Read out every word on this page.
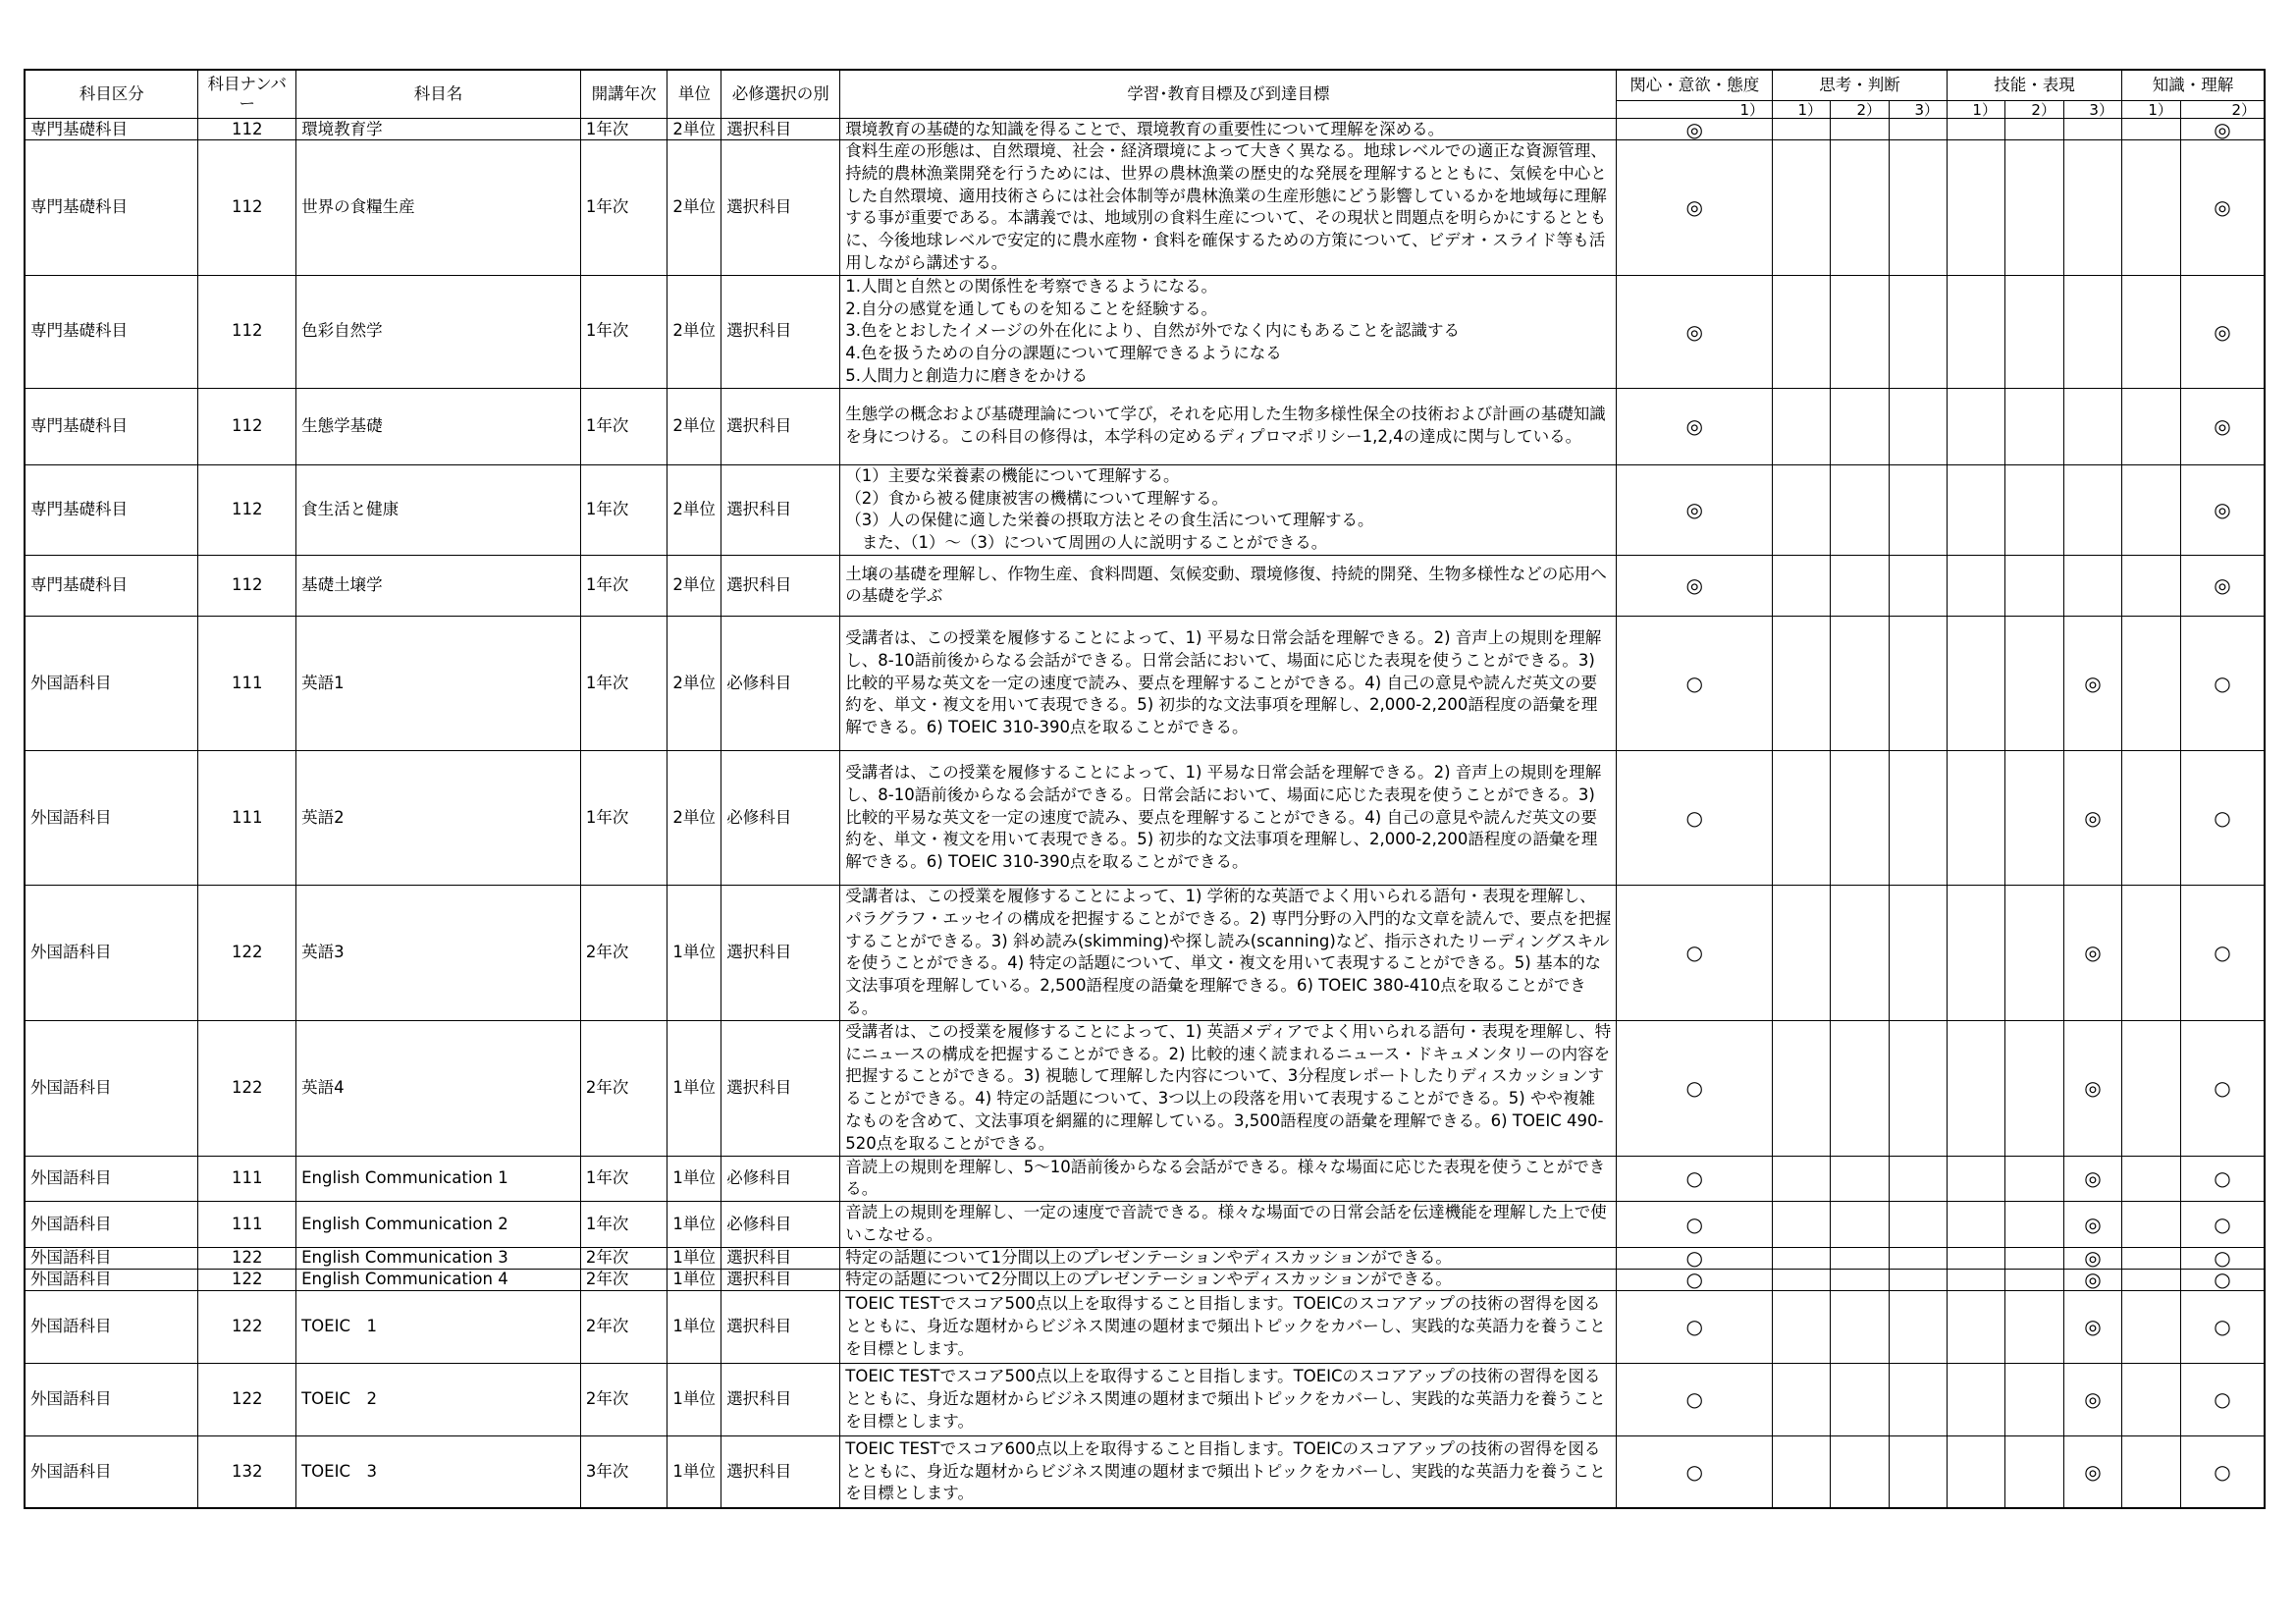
科目区分	科目ナンバー	科目名	開講年次	単位	必修選択の別	学習･教育目標及び到達目標	関心・意欲・態度	思考・判断			技能・表現			知識・理解	
							1）	1）	2）	3）	1）	2）	3）	1）	2）
専門基礎科目	112	環境教育学	1年次	2単位	選択科目	環境教育の基礎的な知識を得ることで、環境教育の重要性について理解を深める。	◎								◎
専門基礎科目	112	世界の食糧生産	1年次	2単位	選択科目	食料生産の形態は、自然環境、社会・経済環境によって大きく異なる。地球レベルでの適正な資源管理、持続的農林漁業開発を行うためには、世界の農林漁業の歴史的な発展を理解するとともに、気候を中心とした自然環境、適用技術さらには社会体制等が農林漁業の生産形態にどう影響しているかを地域毎に理解する事が重要である。本講義では、地域別の食料生産について、その現状と問題点を明らかにするとともに、今後地球レベルで安定的に農水産物・食料を確保するための方策について、ビデオ・スライド等も活用しながら講述する。	◎								◎
専門基礎科目	112	色彩自然学	1年次	2単位	選択科目	1.人間と自然との関係性を考察できるようになる。
2.自分の感覚を通してものを知ることを経験する。
3.色をとおしたイメージの外在化により、自然が外でなく内にもあることを認識する
4.色を扱うための自分の課題について理解できるようになる
5.人間力と創造力に磨きをかける	◎								◎
専門基礎科目	112	生態学基礎	1年次	2単位	選択科目	生態学の概念および基礎理論について学び，それを応用した生物多様性保全の技術および計画の基礎知識を身につける。この科目の修得は，本学科の定めるディプロマポリシー1,2,4の達成に関与している。	◎								◎
専門基礎科目	112	食生活と健康	1年次	2単位	選択科目	（1）主要な栄養素の機能について理解する。
（2）食から被る健康被害の機構について理解する。
（3）人の保健に適した栄養の摂取方法とその食生活について理解する。
　また、（1）～（3）について周囲の人に説明することができる。	◎								◎
専門基礎科目	112	基礎土壌学	1年次	2単位	選択科目	土壌の基礎を理解し、作物生産、食料問題、気候変動、環境修復、持続的開発、生物多様性などの応用への基礎を学ぶ	◎								◎
外国語科目	111	英語1	1年次	2単位	必修科目	受講者は、この授業を履修することによって、1) 平易な日常会話を理解できる。2) 音声上の規則を理解し、8-10語前後からなる会話ができる。日常会話において、場面に応じた表現を使うことができる。3) 比較的平易な英文を一定の速度で読み、要点を理解することができる。4) 自己の意見や読んだ英文の要約を、単文・複文を用いて表現できる。5) 初歩的な文法事項を理解し、2,000-2,200語程度の語彙を理解できる。6) TOEIC 310-390点を取ることができる。	○						◎		○
外国語科目	111	英語2	1年次	2単位	必修科目	受講者は、この授業を履修することによって、1) 平易な日常会話を理解できる。2) 音声上の規則を理解し、8-10語前後からなる会話ができる。日常会話において、場面に応じた表現を使うことができる。3) 比較的平易な英文を一定の速度で読み、要点を理解することができる。4) 自己の意見や読んだ英文の要約を、単文・複文を用いて表現できる。5) 初歩的な文法事項を理解し、2,000-2,200語程度の語彙を理解できる。6) TOEIC 310-390点を取ることができる。	○						◎		○
外国語科目	122	英語3	2年次	1単位	選択科目	受講者は、この授業を履修することによって、1) 学術的な英語でよく用いられる語句・表現を理解し、パラグラフ・エッセイの構成を把握することができる。2) 専門分野の入門的な文章を読んで、要点を把握することができる。3) 斜め読み(skimming)や探し読み(scanning)など、指示されたリーディングスキルを使うことができる。4) 特定の話題について、単文・複文を用いて表現することができる。5) 基本的な文法事項を理解している。2,500語程度の語彙を理解できる。6) TOEIC 380-410点を取ることができる。	○						◎		○
外国語科目	122	英語4	2年次	1単位	選択科目	受講者は、この授業を履修することによって、1) 英語メディアでよく用いられる語句・表現を理解し、特にニュースの構成を把握することができる。2) 比較的速く読まれるニュース・ドキュメンタリーの内容を把握することができる。3) 視聴して理解した内容について、3分程度レポートしたりディスカッションすることができる。4) 特定の話題について、3つ以上の段落を用いて表現することができる。5) やや複雑なものを含めて、文法事項を網羅的に理解している。3,500語程度の語彙を理解できる。6) TOEIC 490-520点を取ることができる。	○						◎		○
外国語科目	111	English Communication 1	1年次	1単位	必修科目	音読上の規則を理解し、5～10語前後からなる会話ができる。様々な場面に応じた表現を使うことができる。	○						◎		○
外国語科目	111	English Communication 2	1年次	1単位	必修科目	音読上の規則を理解し、一定の速度で音読できる。様々な場面での日常会話を伝達機能を理解した上で使いこなせる。	○						◎		○
外国語科目	122	English Communication 3	2年次	1単位	選択科目	特定の話題について1分間以上のプレゼンテーションやディスカッションができる。	○						◎		○
外国語科目	122	English Communication 4	2年次	1単位	選択科目	特定の話題について2分間以上のプレゼンテーションやディスカッションができる。	○						◎		○
外国語科目	122	TOEIC　1	2年次	1単位	選択科目	TOEIC TESTでスコア500点以上を取得すること目指します。TOEICのスコアアップの技術の習得を図るとともに、身近な題材からビジネス関連の題材まで頻出トピックをカバーし、実践的な英語力を養うことを目標とします。	○						◎		○
外国語科目	122	TOEIC　2	2年次	1単位	選択科目	TOEIC TESTでスコア500点以上を取得すること目指します。TOEICのスコアアップの技術の習得を図るとともに、身近な題材からビジネス関連の題材まで頻出トピックをカバーし、実践的な英語力を養うことを目標とします。	○						◎		○
外国語科目	132	TOEIC　3	3年次	1単位	選択科目	TOEIC TESTでスコア600点以上を取得すること目指します。TOEICのスコアアップの技術の習得を図るとともに、身近な題材からビジネス関連の題材まで頻出トピックをカバーし、実践的な英語力を養うことを目標とします。	○						◎		○
